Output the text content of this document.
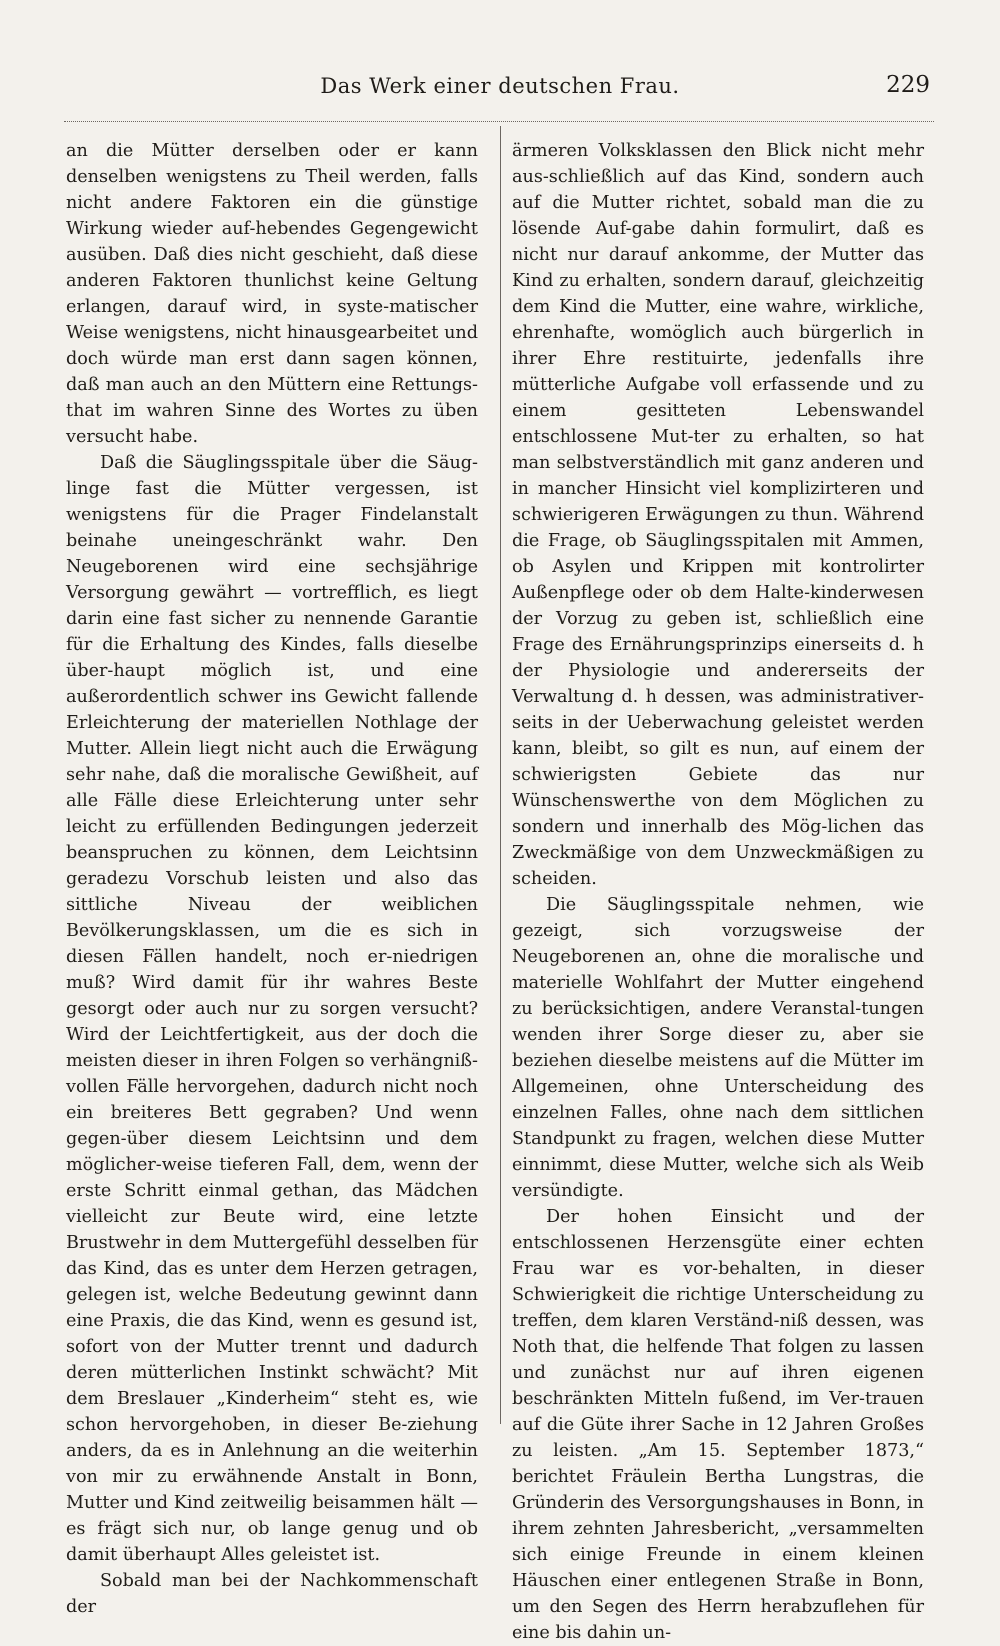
Das Werk einer deutschen Frau.	229

an die Mütter derselben oder er kann denselben wenigstens zu Theil werden, falls nicht andere Faktoren ein die günstige Wirkung wieder auf-hebendes Gegengewicht ausüben. Daß dies nicht geschieht, daß diese anderen Faktoren thunlichst keine Geltung erlangen, darauf wird, in syste-matischer Weise wenigstens, nicht hinausgearbeitet und doch würde man erst dann sagen können, daß man auch an den Müttern eine Rettungs-that im wahren Sinne des Wortes zu üben versucht habe.

Daß die Säuglingsspitale über die Säug-linge fast die Mütter vergessen, ist wenigstens für die Prager Findelanstalt beinahe uneingeschränkt wahr. Den Neugeborenen wird eine sechsjährige Versorgung gewährt — vortrefflich, es liegt darin eine fast sicher zu nennende Garantie für die Erhaltung des Kindes, falls dieselbe über-haupt möglich ist, und eine außerordentlich schwer ins Gewicht fallende Erleichterung der materiellen Nothlage der Mutter. Allein liegt nicht auch die Erwägung sehr nahe, daß die moralische Gewißheit, auf alle Fälle diese Erleichterung unter sehr leicht zu erfüllenden Bedingungen jederzeit beanspruchen zu können, dem Leichtsinn geradezu Vorschub leisten und also das sittliche Niveau der weiblichen Bevölkerungsklassen, um die es sich in diesen Fällen handelt, noch er-niedrigen muß? Wird damit für ihr wahres Beste gesorgt oder auch nur zu sorgen versucht? Wird der Leichtfertigkeit, aus der doch die meisten dieser in ihren Folgen so verhängniß-vollen Fälle hervorgehen, dadurch nicht noch ein breiteres Bett gegraben? Und wenn gegen-über diesem Leichtsinn und dem möglicher-weise tieferen Fall, dem, wenn der erste Schritt einmal gethan, das Mädchen vielleicht zur Beute wird, eine letzte Brustwehr in dem Muttergefühl desselben für das Kind, das es unter dem Herzen getragen, gelegen ist, welche Bedeutung gewinnt dann eine Praxis, die das Kind, wenn es gesund ist, sofort von der Mutter trennt und dadurch deren mütterlichen Instinkt schwächt? Mit dem Breslauer „Kinderheim“ steht es, wie schon hervorgehoben, in dieser Be-ziehung anders, da es in Anlehnung an die weiterhin von mir zu erwähnende Anstalt in Bonn, Mutter und Kind zeitweilig beisammen hält — es frägt sich nur, ob lange genug und ob damit überhaupt Alles geleistet ist.

Sobald man bei der Nachkommenschaft der

ärmeren Volksklassen den Blick nicht mehr aus-schließlich auf das Kind, sondern auch auf die Mutter richtet, sobald man die zu lösende Auf-gabe dahin formulirt, daß es nicht nur darauf ankomme, der Mutter das Kind zu erhalten, sondern darauf, gleichzeitig dem Kind die Mutter, eine wahre, wirkliche, ehrenhafte, womöglich auch bürgerlich in ihrer Ehre restituirte, jedenfalls ihre mütterliche Aufgabe voll erfassende und zu einem gesitteten Lebenswandel entschlossene Mut-ter zu erhalten, so hat man selbstverständlich mit ganz anderen und in mancher Hinsicht viel komplizirteren und schwierigeren Erwägungen zu thun. Während die Frage, ob Säuglingsspitalen mit Ammen, ob Asylen und Krippen mit kontrolirter Außenpflege oder ob dem Halte-kinderwesen der Vorzug zu geben ist, schließlich eine Frage des Ernährungsprinzips einerseits d. h der Physiologie und andererseits der Verwaltung d. h dessen, was administrativer-seits in der Ueberwachung geleistet werden kann, bleibt, so gilt es nun, auf einem der schwierigsten Gebiete das nur Wünschenswerthe von dem Möglichen zu sondern und innerhalb des Mög-lichen das Zweckmäßige von dem Unzweckmäßigen zu scheiden.

Die Säuglingsspitale nehmen, wie gezeigt, sich vorzugsweise der Neugeborenen an, ohne die moralische und materielle Wohlfahrt der Mutter eingehend zu berücksichtigen, andere Veranstal-tungen wenden ihrer Sorge dieser zu, aber sie beziehen dieselbe meistens auf die Mütter im Allgemeinen, ohne Unterscheidung des einzelnen Falles, ohne nach dem sittlichen Standpunkt zu fragen, welchen diese Mutter einnimmt, diese Mutter, welche sich als Weib versündigte.

Der hohen Einsicht und der entschlossenen Herzensgüte einer echten Frau war es vor-behalten, in dieser Schwierigkeit die richtige Unterscheidung zu treffen, dem klaren Verständ-niß dessen, was Noth that, die helfende That folgen zu lassen und zunächst nur auf ihren eigenen beschränkten Mitteln fußend, im Ver-trauen auf die Güte ihrer Sache in 12 Jahren Großes zu leisten. „Am 15. September 1873,“ berichtet Fräulein Bertha Lungstras, die Gründerin des Versorgungshauses in Bonn, in ihrem zehnten Jahresbericht, „versammelten sich einige Freunde in einem kleinen Häuschen einer entlegenen Straße in Bonn, um den Segen des Herrn herabzuflehen für eine bis dahin un-
